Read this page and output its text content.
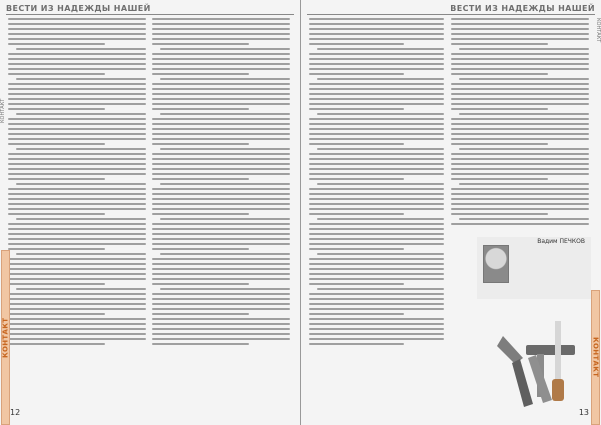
ВЕСТИ ИЗ НАДЕЖДЫ НАШЕЙ
КОНТАКТ
КОНТАКТ
12
ВЕСТИ ИЗ НАДЕЖДЫ НАШЕЙ
КОНТАКТ
Вадим ПЕЧКОВ
КОНТАКТ
13
